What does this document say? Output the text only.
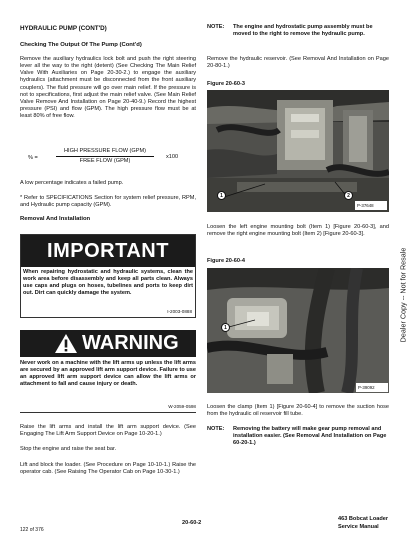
HYDRAULIC PUMP (CONT'D)
Checking The Output Of The Pump (Cont'd)

Remove the auxiliary hydraulics lock bolt and push the right steering lever all the way to the right (detent) (See Checking The Main Relief Valve With Auxiliaries on Page 20-30-2.) to engage the auxiliary hydraulics (attachment must be disconnected from the front auxiliary couplers). The fluid pressure will go over main relief. If the pressure is not to specifications, first adjust the main relief valve. (See Main Relief Valve Remove And Installation on Page 20-40-9.) Record the highest pressure (PSI) and flow (GPM). The high pressure flow must be at least 80% of free flow.

% =
HIGH PRESSURE FLOW (GPM)
FREE FLOW (GPM)
x100

A low percentage indicates a failed pump.

* Refer to SPECIFICATIONS Section for system relief pressure, RPM, and Hydraulic pump capacity (GPM).

Removal And Installation
IMPORTANT

When repairing hydrostatic and hydraulic systems, clean the work area before disassembly and keep all parts clean. Always use caps and plugs on hoses, tubelines and ports to keep dirt out. Dirt can quickly damage the system.

I-2003-0888
WARNING

Never work on a machine with the lift arms up unless the lift arms are secured by an approved lift arm support device. Failure to use an approved lift arm support device can allow the lift arms or attachment to fall and cause injury or death.

W-2059-0598

Raise the lift arms and install the lift arm support device. (See Engaging The Lift Arm Support Device on Page 10-20-1.)

Stop the engine and raise the seat bar.

Lift and block the loader. (See Procedure on Page 10-10-1.) Raise the operator cab. (See Raising The Operator Cab on Page 10-30-1.)

NOTE: The engine and hydrostatic pump assembly must be moved to the right to remove the hydraulic pump.

Remove the hydraulic reservoir. (See Removal And Installation on Page 20-80-1.)

Figure 20-60-3
1	2
P-37648

Loosen the left engine mounting bolt (Item 1) [Figure 20-60-3], and remove the right engine mounting bolt (Item 2) [Figure 20-60-3].

Figure 20-60-4
1
P-39092

Loosen the clamp (Item 1) [Figure 20-60-4] to remove the suction hose from the hydraulic oil reservoir fill tube.

NOTE: Removing the battery will make gear pump removal and installation easier. (See Removal And Installation on Page 60-20-1.)
Dealer Copy -- Not for Resale
122 of 376
20-60-2
463 Bobcat Loader
Service Manual
